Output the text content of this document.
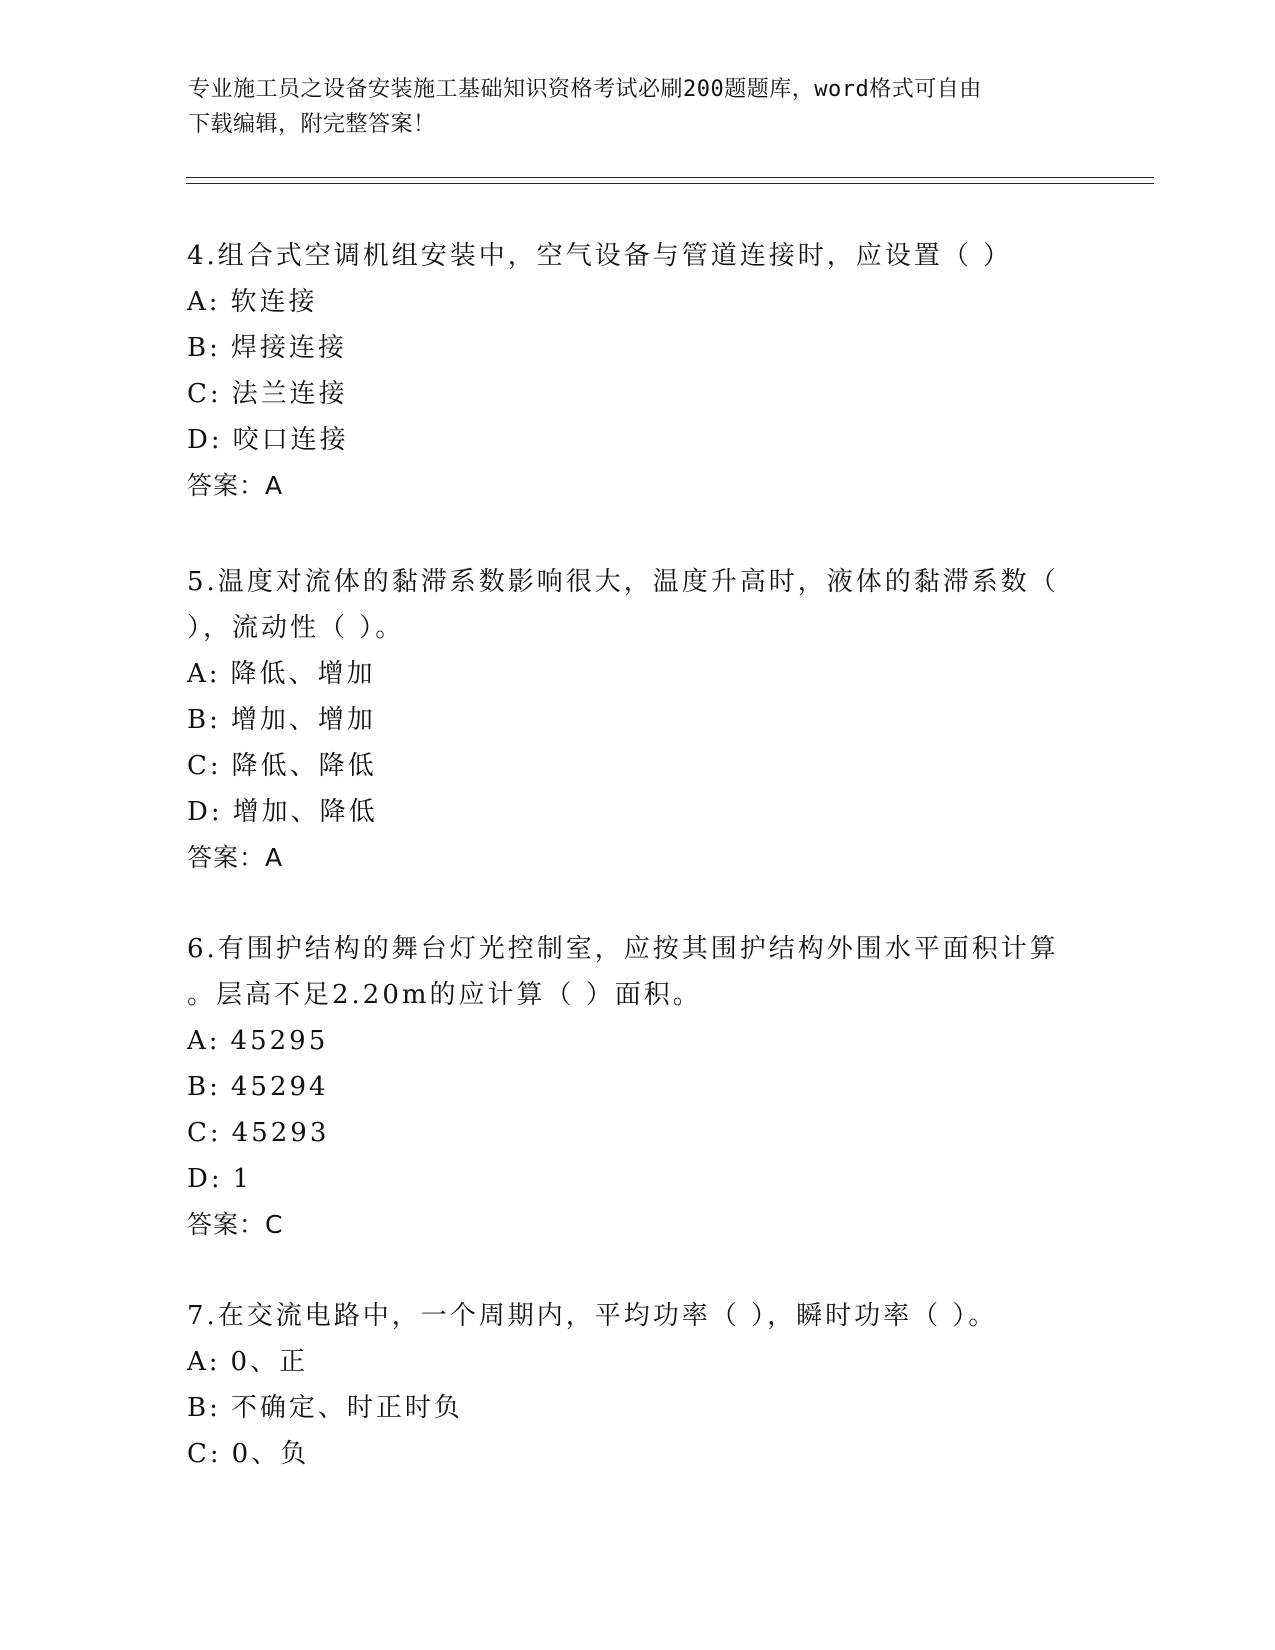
专业施工员之设备安装施工基础知识资格考试必刷200题题库，word格式可自由
下载编辑，附完整答案！

4.组合式空调机组安装中，空气设备与管道连接时，应设置（ ）

A: 软连接

B: 焊接连接

C: 法兰连接

D: 咬口连接

答案：A

5.温度对流体的黏滞系数影响很大，温度升高时，液体的黏滞系数（

），流动性（ ）。

A: 降低、增加

B: 增加、增加

C: 降低、降低

D: 增加、降低

答案：A

6.有围护结构的舞台灯光控制室，应按其围护结构外围水平面积计算

。层高不足2.20m的应计算（ ）面积。

A: 45295

B: 45294

C: 45293

D: 1

答案：C

7.在交流电路中，一个周期内，平均功率（ ），瞬时功率（ ）。

A: 0、正

B: 不确定、时正时负

C: 0、负
